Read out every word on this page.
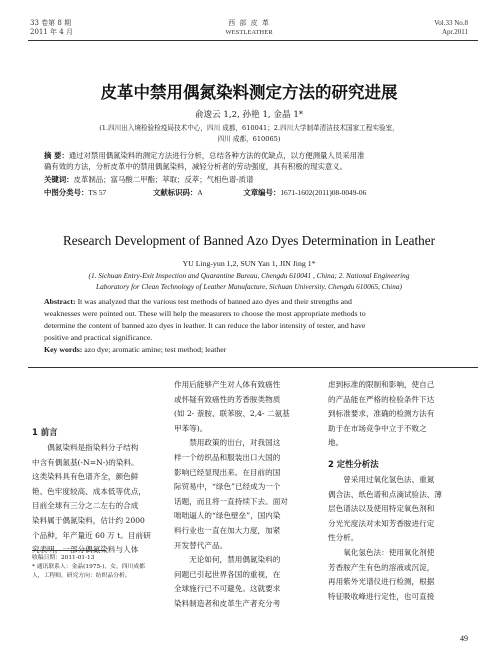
33 卷第 8 期
2011 年 4 月
西 部 皮 革
WESTLEATHER
Vol.33 No.8
Apr.2011
皮革中禁用偶氮染料测定方法的研究进展
俞逡云 1,2, 孙艳 1, 金晶 1*
(1.四川出入境检验检疫局技术中心，四川 成都，610041；2.四川大学制革清洁技术国家工程实验室，
四川 成都，610065)
摘 要：通过对禁用偶氮染料的测定方法进行分析，总结各种方法的优缺点，以方便测量人员采用准
确有效的方法，分析皮革中的禁用偶氮染料，减轻分析者的劳动强度，具有积极的现实意义。
关键词：皮革制品；富马酸二甲酯；萃取；反萃；气相色谱-质谱
中图分类号：TS 57	文献标识码：A	文章编号：1671-1602(2011)08-0049-06
Research Development of Banned Azo Dyes Determination in Leather
YU Ling-yun 1,2, SUN Yan 1, JIN Jing 1*
(1. Sichuan Entry-Exit Inspection and Quarantine Bureau, Chengdu 610041 , China; 2. National Engineering
Laboratory for Clean Technology of Leather Manufacture, Sichuan University, Chengdu 610065, China)
Abstract: It was analyzed that the various test methods of banned azo dyes and their strengths and
weaknesses were pointed out. These will help the measurers to choose the most appropriate methods to
determine the content of banned azo dyes in leather. It can reduce the labor intensity of tester, and have
positive and practical significance.
Key words: azo dye; aromatic amine; test method; leather
1 前言
偶氮染料是指染料分子结构
中含有偶氮基(-N=N-)的染料。
这类染料具有色谱齐全，颜色鲜
艳、色牢度较高、成本低等优点，
目前全球有三分之二左右的合成
染料属于偶氮染料，估计约 2000
个品种，年产量近 60 万 t。目前研
究表明，一部分偶氮染料与人体
收稿日期：2011-01-13
* 通讯联系人：金晶(1975-)，女，四川成都
人，工程师，研究方向：纺织品分析。
作用后能够产生对人体有致癌性
或怀疑有致癌性的芳香胺类物质
(如 2- 萘胺、联苯胺、2,4- 二氨基
甲苯等)。
禁用政策的出台，对我国这
样一个纺织品和服装出口大国的
影响已经显现出来。在目前的国
际贸易中，“绿色”已经成为一个
话题，而且将一直持续下去。面对
咄咄逼人的“绿色壁垒”，国内染
料行业也一直在加大力度，加紧
开发替代产品。
无论如何，禁用偶氮染料的
问题已引起世界各国的重视，在
全球施行已不可避免。这就要求
染料制造者和皮革生产者充分考
虑到标准的限制和影响，使自己
的产品能在严格的检验条件下达
到标准要求，准确的检测方法有
助于在市场竞争中立于不败之
地。
2 定性分析法
曾采用过氧化氢色法、重氮
偶合法、纸色谱和点滴试验法、薄
层色谱法以及使用特定氧色剂和
分光光度法对未知芳香胺进行定
性分析。
氧化氢色法：使用氧化剂使
芳香胺产生有色的溶液或沉淀，
再用紫外光谱仪进行检测，根据
特征吸收峰进行定性，也可直接
49
